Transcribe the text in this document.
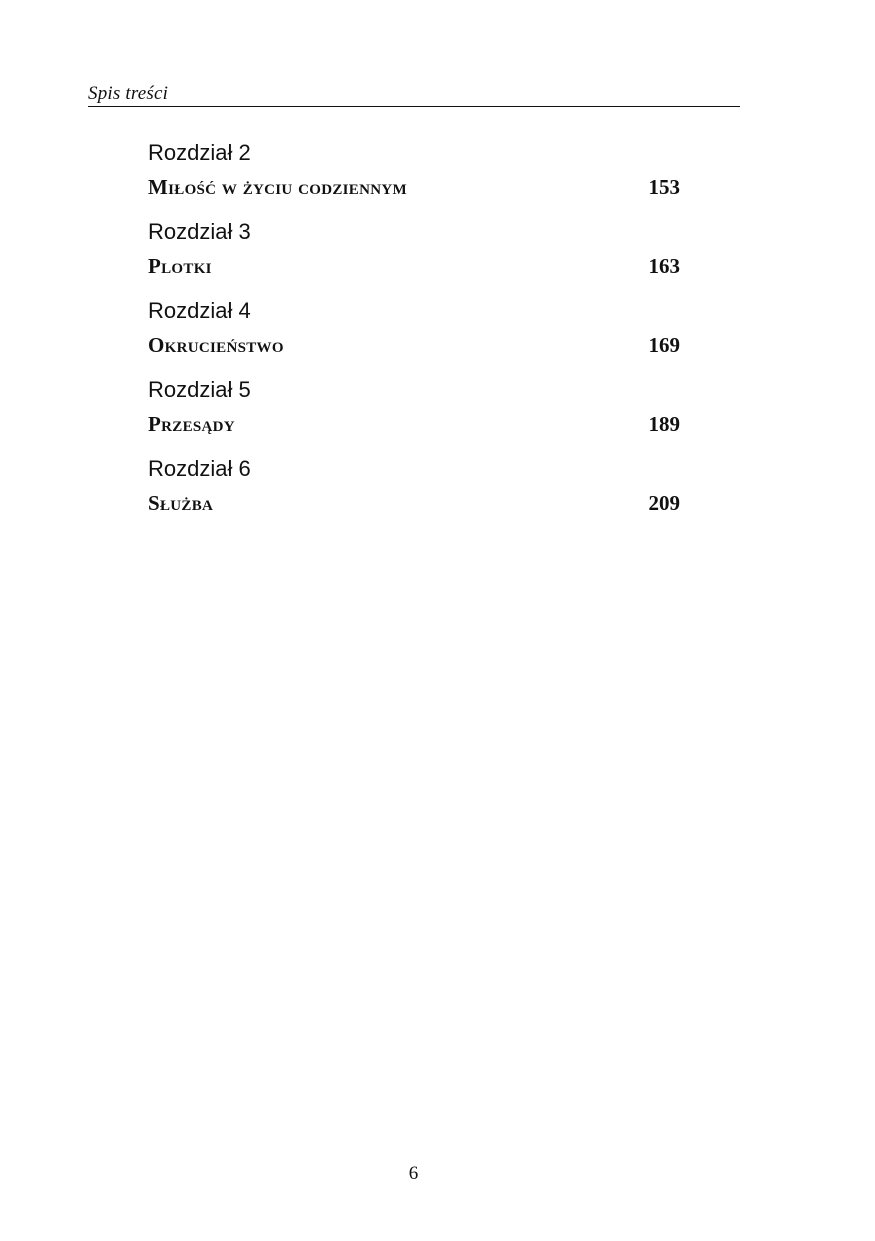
Spis treści
Rozdział 2
Miłość w życiu codziennym	153
Rozdział 3
Plotki	163
Rozdział 4
Okrucieństwo	169
Rozdział 5
Przesądy	189
Rozdział 6
Służba	209
6
